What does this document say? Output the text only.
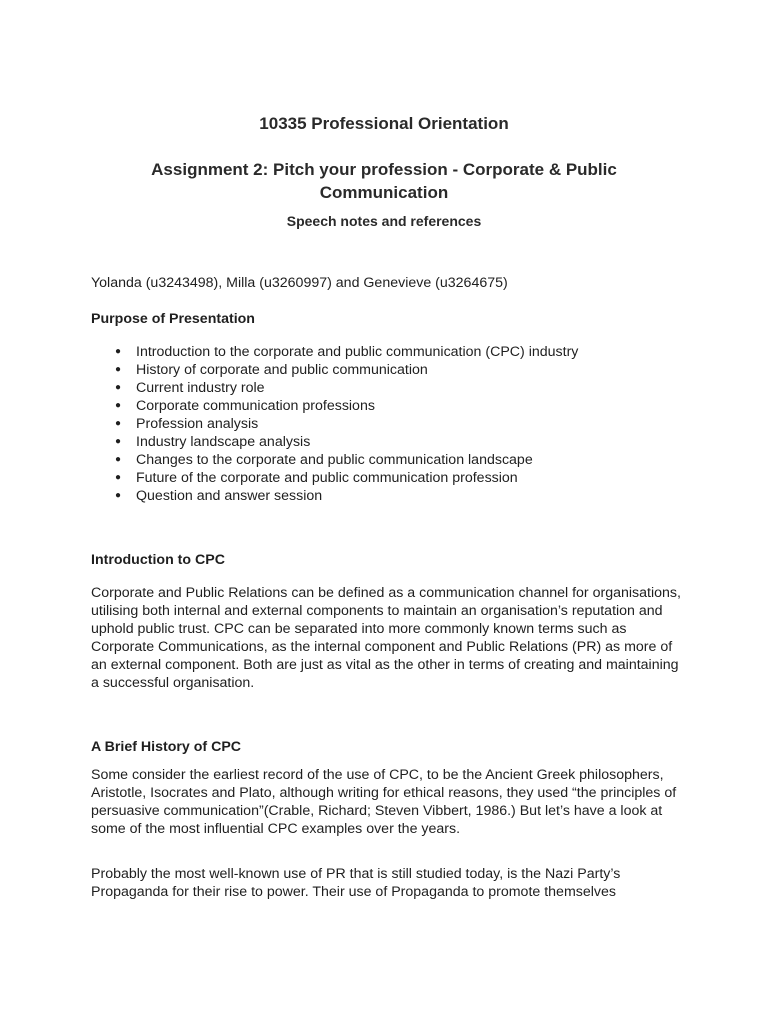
10335 Professional Orientation
Assignment 2: Pitch your profession - Corporate & Public Communication
Speech notes and references
Yolanda (u3243498), Milla (u3260997) and Genevieve (u3264675)
Purpose of Presentation
● Introduction to the corporate and public communication (CPC) industry
● History of corporate and public communication
● Current industry role
● Corporate communication professions
● Profession analysis
● Industry landscape analysis
● Changes to the corporate and public communication landscape
● Future of the corporate and public communication profession
● Question and answer session
Introduction to CPC

Corporate and Public Relations can be defined as a communication channel for organisations, utilising both internal and external components to maintain an organisation’s reputation and uphold public trust. CPC can be separated into more commonly known terms such as Corporate Communications, as the internal component and Public Relations (PR) as more of an external component. Both are just as vital as the other in terms of creating and maintaining a successful organisation.

A Brief History of CPC

Some consider the earliest record of the use of CPC, to be the Ancient Greek philosophers, Aristotle, Isocrates and Plato, although writing for ethical reasons, they used “the principles of persuasive communication”(Crable, Richard; Steven Vibbert, 1986.) But let’s have a look at some of the most influential CPC examples over the years.

Probably the most well-known use of PR that is still studied today, is the Nazi Party’s Propaganda for their rise to power. Their use of Propaganda to promote themselves
